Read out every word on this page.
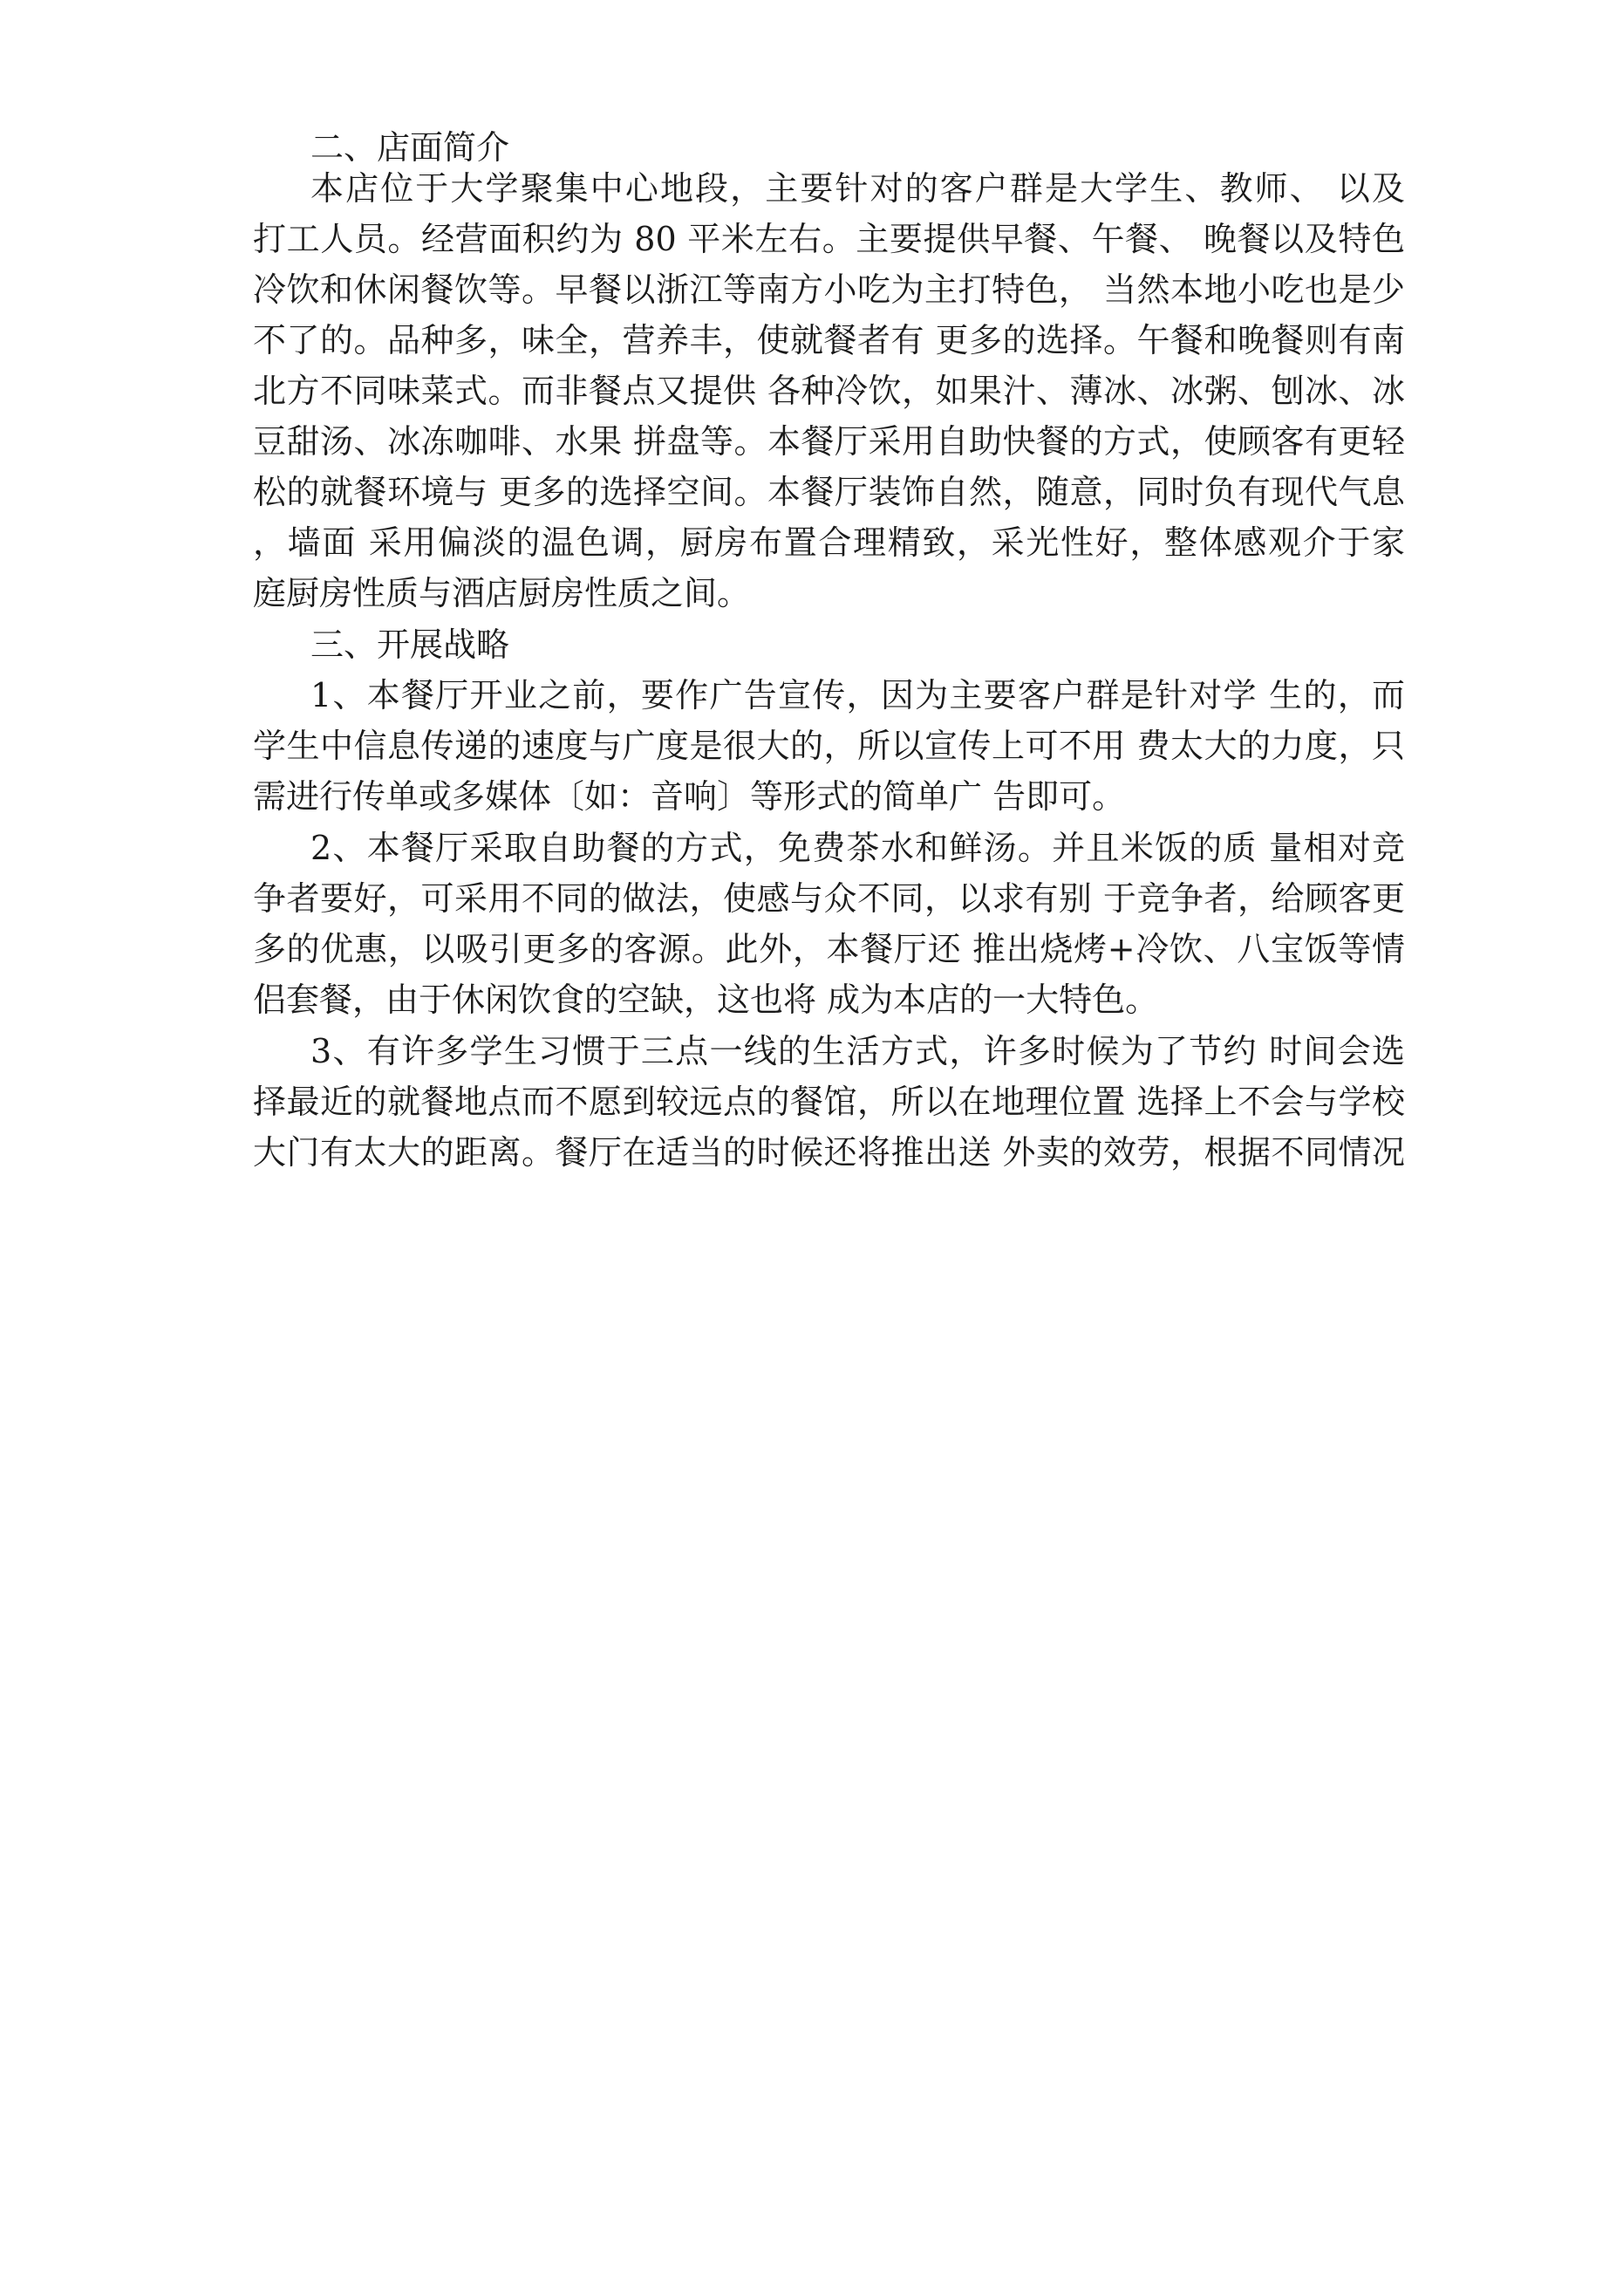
二、店面简介

本店位于大学聚集中心地段，主要针对的客户群是大学生、教师、 以及

打工人员。经营面积约为 80 平米左右。主要提供早餐、午餐、 晚餐以及特色

冷饮和休闲餐饮等。早餐以浙江等南方小吃为主打特色， 当然本地小吃也是少

不了的。品种多，味全，营养丰，使就餐者有 更多的选择。午餐和晚餐则有南

北方不同味菜式。而非餐点又提供 各种冷饮，如果汁、薄冰、冰粥、刨冰、冰

豆甜汤、冰冻咖啡、水果 拼盘等。本餐厅采用自助快餐的方式，使顾客有更轻

松的就餐环境与 更多的选择空间。本餐厅装饰自然，随意，同时负有现代气息

，墙面 采用偏淡的温色调，厨房布置合理精致，采光性好，整体感观介于家

庭厨房性质与酒店厨房性质之间。

三、开展战略

1、本餐厅开业之前，要作广告宣传，因为主要客户群是针对学 生的，而

学生中信息传递的速度与广度是很大的，所以宣传上可不用 费太大的力度，只

需进行传单或多媒体〔如：音响〕等形式的简单广 告即可。

2、本餐厅采取自助餐的方式，免费茶水和鲜汤。并且米饭的质 量相对竞

争者要好，可采用不同的做法，使感与众不同，以求有别 于竞争者，给顾客更

多的优惠，以吸引更多的客源。此外，本餐厅还 推出烧烤+冷饮、八宝饭等情

侣套餐，由于休闲饮食的空缺，这也将 成为本店的一大特色。

3、有许多学生习惯于三点一线的生活方式，许多时候为了节约 时间会选

择最近的就餐地点而不愿到较远点的餐馆，所以在地理位置 选择上不会与学校

大门有太大的距离。餐厅在适当的时候还将推出送 外卖的效劳，根据不同情况
